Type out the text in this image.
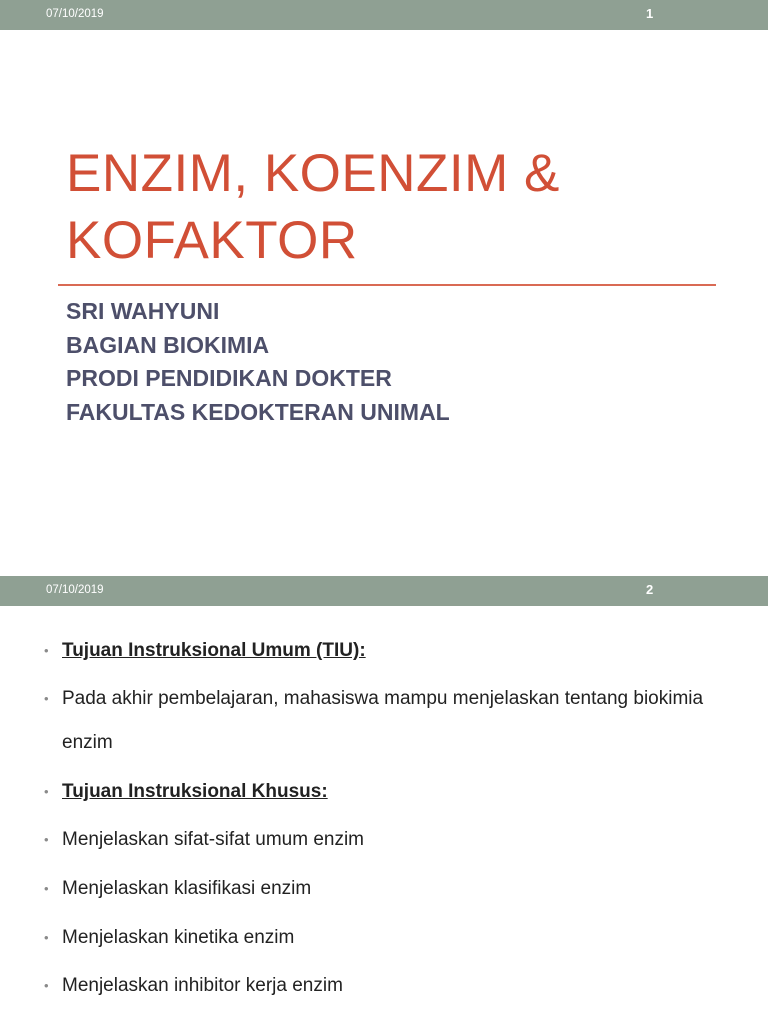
07/10/2019	1
ENZIM, KOENZIM &
KOFAKTOR
SRI WAHYUNI
BAGIAN BIOKIMIA
PRODI PENDIDIKAN DOKTER
FAKULTAS KEDOKTERAN UNIMAL
07/10/2019	2
• Tujuan Instruksional Umum (TIU):
• Pada akhir pembelajaran, mahasiswa mampu menjelaskan tentang biokimia enzim
• Tujuan Instruksional Khusus:
• Menjelaskan sifat-sifat umum enzim
• Menjelaskan klasifikasi enzim
• Menjelaskan kinetika enzim
• Menjelaskan inhibitor kerja enzim
